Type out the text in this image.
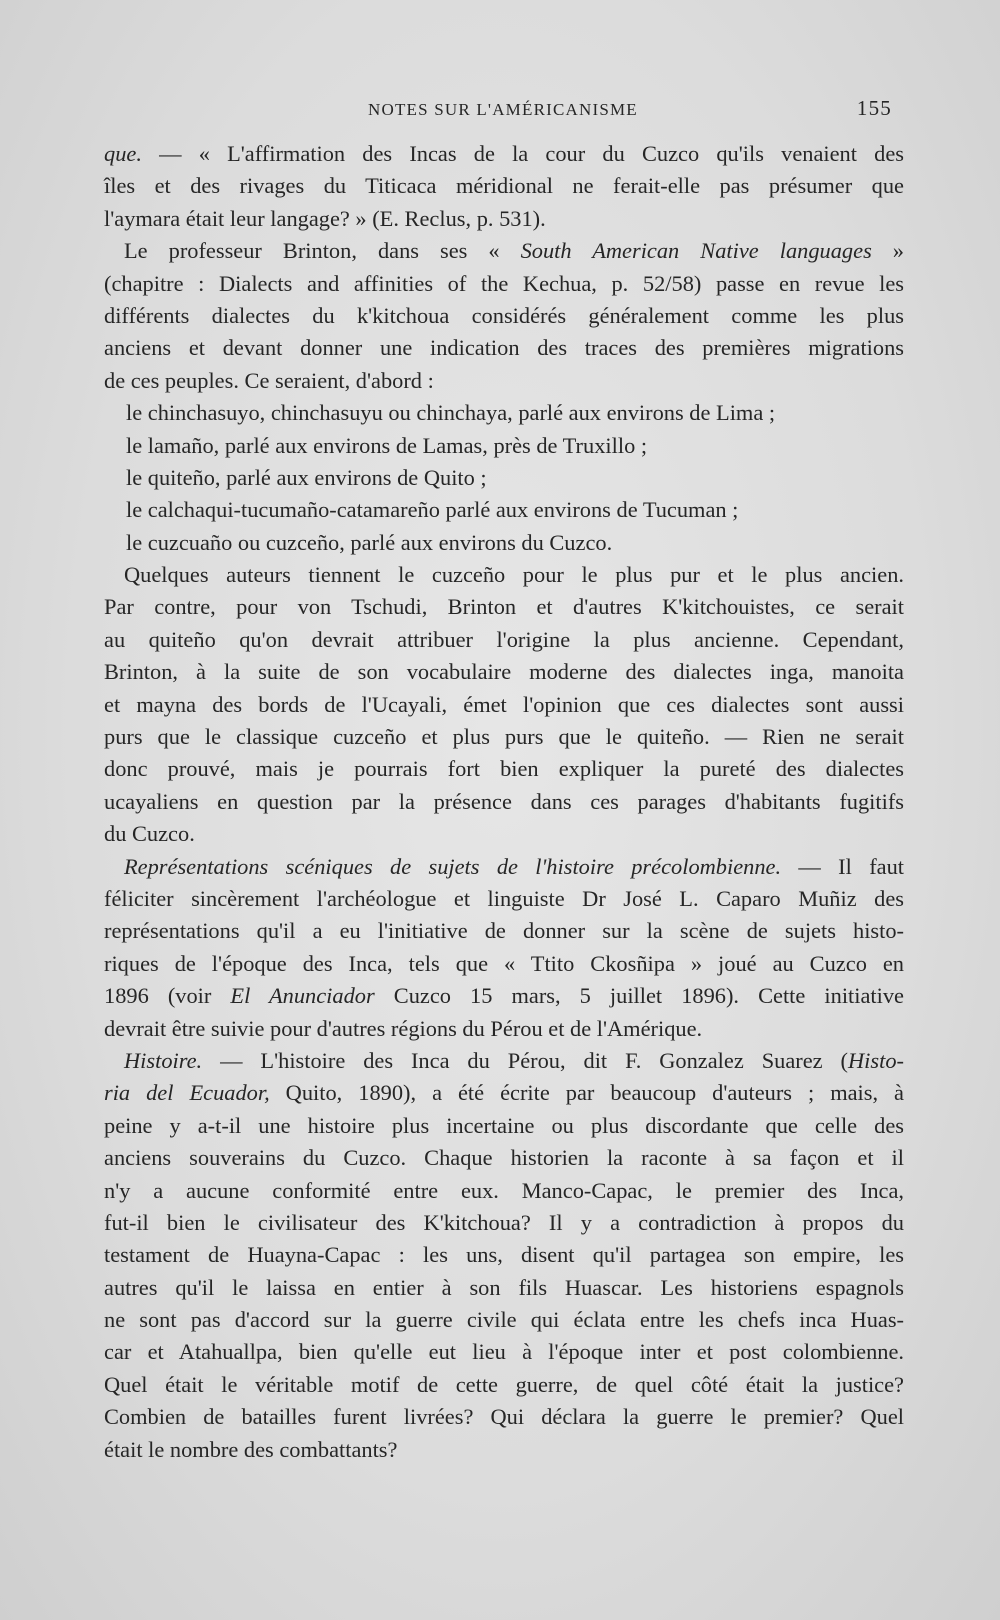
NOTES SUR L'AMÉRICANISME	155
que. — « L'affirmation des Incas de la cour du Cuzco qu'ils venaient des
îles et des rivages du Titicaca méridional ne ferait-elle pas présumer que
l'aymara était leur langage? » (E. Reclus, p. 531).
Le professeur Brinton, dans ses « South American Native languages »
(chapitre : Dialects and affinities of the Kechua, p. 52/58) passe en revue les
différents dialectes du k'kitchoua considérés généralement comme les plus
anciens et devant donner une indication des traces des premières migrations
de ces peuples. Ce seraient, d'abord :
le chinchasuyo, chinchasuyu ou chinchaya, parlé aux environs de Lima ;
le lamaño, parlé aux environs de Lamas, près de Truxillo ;
le quiteño, parlé aux environs de Quito ;
le calchaqui-tucumaño-catamareño parlé aux environs de Tucuman ;
le cuzcuaño ou cuzceño, parlé aux environs du Cuzco.
Quelques auteurs tiennent le cuzceño pour le plus pur et le plus ancien.
Par contre, pour von Tschudi, Brinton et d'autres K'kitchouistes, ce serait
au quiteño qu'on devrait attribuer l'origine la plus ancienne. Cependant,
Brinton, à la suite de son vocabulaire moderne des dialectes inga, manoita
et mayna des bords de l'Ucayali, émet l'opinion que ces dialectes sont aussi
purs que le classique cuzceño et plus purs que le quiteño. — Rien ne serait
donc prouvé, mais je pourrais fort bien expliquer la pureté des dialectes
ucayaliens en question par la présence dans ces parages d'habitants fugitifs
du Cuzco.
Représentations scéniques de sujets de l'histoire précolombienne. — Il faut
féliciter sincèrement l'archéologue et linguiste Dr José L. Caparo Muñiz des
représentations qu'il a eu l'initiative de donner sur la scène de sujets histo-
riques de l'époque des Inca, tels que « Ttito Ckosñipa » joué au Cuzco en
1896 (voir El Anunciador Cuzco 15 mars, 5 juillet 1896). Cette initiative
devrait être suivie pour d'autres régions du Pérou et de l'Amérique.
Histoire. — L'histoire des Inca du Pérou, dit F. Gonzalez Suarez (Histo-
ria del Ecuador, Quito, 1890), a été écrite par beaucoup d'auteurs ; mais, à
peine y a-t-il une histoire plus incertaine ou plus discordante que celle des
anciens souverains du Cuzco. Chaque historien la raconte à sa façon et il
n'y a aucune conformité entre eux. Manco-Capac, le premier des Inca,
fut-il bien le civilisateur des K'kitchoua? Il y a contradiction à propos du
testament de Huayna-Capac : les uns, disent qu'il partagea son empire, les
autres qu'il le laissa en entier à son fils Huascar. Les historiens espagnols
ne sont pas d'accord sur la guerre civile qui éclata entre les chefs inca Huas-
car et Atahuallpa, bien qu'elle eut lieu à l'époque inter et post colombienne.
Quel était le véritable motif de cette guerre, de quel côté était la justice?
Combien de batailles furent livrées? Qui déclara la guerre le premier? Quel
était le nombre des combattants?
